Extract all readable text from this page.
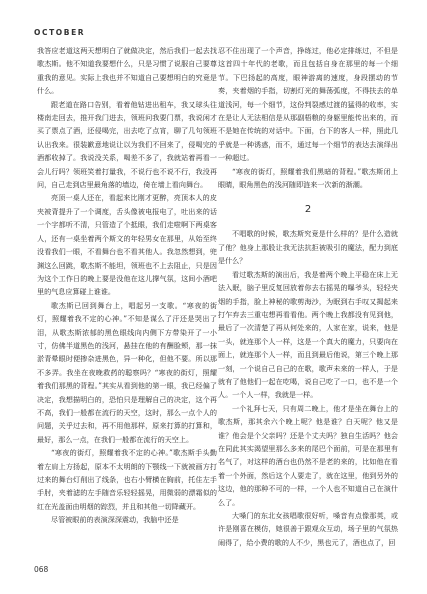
OCTOBER

我答应老道这两天想明白了就做决定，然后我们一起去找歌杰斯。他不知道我要想什么，只是习惯了说服自己要尊重我的意见。实际上我也并不知道自己要想明白的究竟是什么。

跟老道在路口告别，看着他钻进出租车，我又球头往楼南走回去，推开我门进去，领班问我要门票，我说闲才买了票点了酒，还侵喝完，出去吃了点宵，聊了几句领班认出我来。很装歉意地说让以为我们不回来了，侵喝完的酒都收掉了。我说没关系，喝差不多了，我就站着再看一会儿行吗？领班笑着打量我，不说行也不说不行，我没再问，自己走到店里最角落的墙边，倚在墙上看向舞台。

亮顶一桌人还在，看起来比刚才更醉，亮顶本人的皮夹被背提升了一个调度，舌头像被电报电了，吐出来的话一个字都听不清，只管造了个抵眼，我们走啦啊下两桌客人，还有一桌坐着两个斯文的年轻男女在那里，从始至终没看我们一眼，不看舞台也不看其他人。我忽然想到，兜渊这么回跳，歌杰斯不能坦，领班也不上去阻止，只是因为这个工作日的晚上要是没他在这儿撑气氛，这间小酒吧里的气息应算碰上谁谁。

歌杰斯已回到舞台上，唱起另一支歌。“寒夜的街灯，照耀着我不定的心神。”不知是谋么了汗还是哭出了泪，从歌杰斯浓郁的黑色眼线向内侧下方带染开了一小寸，仿佛半道黑色的浅河，悬挂在他的有酬脸颊，那一抹淤青晕眼时便掺杂进黑色，异一种化，但他不要。所以那不多弄。我坐在夜晚救药的聪察吗？“寒夜的街灯，照耀着我们那黑的背程。”其实从看到他的第一眼，我已经偏了决定，我想描明白的，恐怕只是理解自己的决定，这个再不高，我们一般都在流行的天空，这时，那么一点个人的问题，关乎过去和，再不用他那样，原来打算的打算和，最好，那么一点，在我们一般都在流行的天空上。

“寒夜的街灯，照耀着我不定的心神。”歌杰斯手头勤着左肩上方扬起，原本不太明朗的下颚线一下就被画方打过来的舞台灯削出了线条，也右小臂横在胸前，托住左手手肘，夹着滤的左手随音乐轻轻摇晃，用微弱的漂霜似的红在光盖面由明烟的踪烈，并且和其他一切降藏开。

尽管被眼前的表演深深震动，我脑中还是

忍不住出现了一个声音，挣练过，他必定排练过，不但是这首四十年代的老歌，而且包括自身在那里的每一个细节。下巴扬起的高度，眼神游离的速度，身段摆动的节奏，夹着烟的手指，切割灯光的舞荡弧度，不得扶去的单道浅河，每一个细节，这份判裂感过渡的猛得的收率，实在是让人无法相信是从那副梧粮的身躯里能传出来的，而不是她在传统的对话中。下面，台下的客人一样，照此几乎就是一种诱惑，而不，通过每一个细节的表达去演绎出一种超过。

“寒夜的街灯，照耀着我们黑暗的背程。”歌杰斯闭上眼睛，眼角黑色的浅河随即涟来一次新的渐潮。

2

不唱歌的时候，歌杰斯究竟是什么样的？是什么造就了他？他身上那股让我无法抗拒被吸引的魔法，配力到底是什么？

看过歌杰斯的演出后，我是着两个晚上平稳在床上无法入眠，脑子里反复回放着你去右摇晃的曝爷头，轻轻夹烟的手指，脸上神秘的歌剪海沙，为眠到右手叹又揭起来打乍弃去三重屯想再看看他。两个晚上我都没有见到他，最后了一次清楚了再从何处来的，人家在家，说来，他是一头，就连那个人一样，这是一个真大的魔力，只要向在面上，就连那个人一样，而且到最后他说，第三个晚上那一刻，一个说自己自己的在歌，歌声未来的一样人，于是就有了他他们一起在吃喝，说自己吃了一口，也不是一个人。一个人一样，我就是一样。

一个礼拜七天，只有周二晚上，他才是坐在舞台上的歌杰斯，那其余六个晚上呢？他是谁？白天呢？他又是谁？他会是个父亲吗？还是个丈夫吗？独自生活吗？他会在同此其实渴望里那么多来的尾巴个面前，可是在那里有名气了，对这样的酒台也仍然不是老的来的，比如他在看着一个外面，然后这个人要走了，就在这里，他到另外的这边，他的那种不可的一样，一个人也不知道自己在演什么了。

大嗓门的东北女孩唱歌很好听，嗓音有点像那英，或许是刚喜在模仿，她很善于跟观众互动，场子里的气氛热闹得了，给小费的歌的人不少，黑也元了，酒也点了，回

068
